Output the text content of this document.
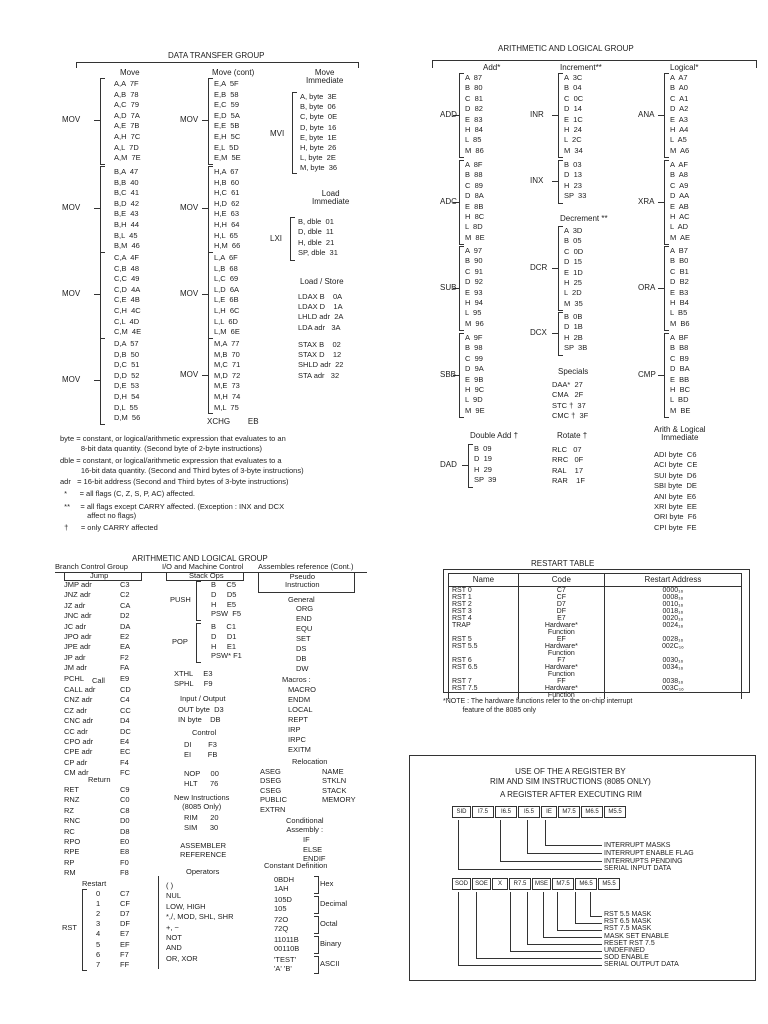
DATA TRANSFER GROUP
Move	Move (cont)	Move
Immediate
MVI
Load
Immediate
LXI
Load / Store
XCHG        EB
ARITHMETIC AND LOGICAL GROUP
Add*	Increment**	Logical*
Decrement **
Specials
Double Add †	Rotate †
Arith & Logical
Immediate
ARITHMETIC AND LOGICAL GROUP
Branch Control Group	I/O and Machine Control Assembles reference (Cont.)
Jump	Stack Ops	Pseudo
Instruction
RESTART TABLE
Name	Code	Restart Address
RST 0	C7	0000₁₆
RST 1	CF	0008₁₆
RST 2	D7	0010₁₆
RST 3	DF	0018₁₆
RST 4	E7	0020₁₆
TRAP	Hardware*
Function	0024₁₆
RST 5	EF	0028₁₆
RST 5.5	Hardware*
Function	002C₁₆
RST 6	F7	0030₁₆
RST 6.5	Hardware*
Function	0034₁₆
RST 7	FF	0038₁₆
RST 7.5	Hardware*
Function	003C₁₆
*NOTE : The hardware functions refer to the on-chip interrupt
feature of the 8085 only
USE OF THE A REGISTER BY
RIM AND SIM INSTRUCTIONS (8085 ONLY)
A REGISTER AFTER EXECUTING RIM
MOV
A,A  7F
A,B  78
A,C  79
A,D  7A
A,E  7B
A,H  7C
A,L  7D
A,M  7E
MOV
E,A  5F
E,B  58
E,C  59
E,D  5A
E,E  5B
E,H  5C
E,L  5D
E,M  5E
MOV
B,A  47
B,B  40
B,C  41
B,D  42
B,E  43
B,H  44
B,L  45
B,M  46
MOV
H,A  67
H,B  60
H,C  61
H,D  62
H,E  63
H,H  64
H,L  65
H,M  66
MOV
C,A  4F
C,B  48
C,C  49
C,D  4A
C,E  4B
C,H  4C
C,L  4D
C,M  4E
MOV
L,A  6F
L,B  68
L,C  69
L,D  6A
L,E  6B
L,H  6C
L,L  6D
L,M  6E
MOV
D,A  57
D,B  50
D,C  51
D,D  52
D,E  53
D,H  54
D,L  55
D,M  56
MOV
M,A  77
M,B  70
M,C  71
M,D  72
M,E  73
M,H  74
M,L  75
A, byte  3E
B, byte  06
C, byte  0E
D, byte  16
E, byte  1E
H, byte  26
L, byte  2E
M, byte  36
B, dble  01
D, dble  11
H, dble  21
SP, dble  31
LDAX B    0A
LDAX D    1A
LHLD adr  2A
LDA adr   3A
STAX B    02
STAX D    12
SHLD adr  22
STA adr   32
byte = constant, or logical/arithmetic expression that evaluates to an
8-bit data quantity. (Second byte of 2-byte instructions)
dble = constant, or logical/arithmetic expression that evaluates to a
16-bit data quantity. (Second and Third bytes of 3-byte instructions)
adr   = 16-bit address (Second and Third bytes of 3-byte instructions)
*      = all flags (C, Z, S, P, AC) affected.
**     = all flags except CARRY affected. (Exception : INX and DCX
affect no flags)
†      = only CARRY affected
ADD
A  87
B  80
C  81
D  82
E  83
H  84
L  85
M  86
ADC
A  8F
B  88
C  89
D  8A
E  8B
H  8C
L  8D
M  8E
SUB
A  97
B  90
C  91
D  92
E  93
H  94
L  95
M  96
SBB
A  9F
B  98
C  99
D  9A
E  9B
H  9C
L  9D
M  9E
INR
A  3C
B  04
C  0C
D  14
E  1C
H  24
L  2C
M  34
INX
B  03
D  13
H  23
SP  33
DCR
A  3D
B  05
C  0D
D  15
E  1D
H  25
L  2D
M  35
DCX
B  0B
D  1B
H  2B
SP  3B
ANA
A  A7
B  A0
C  A1
D  A2
E  A3
H  A4
L  A5
M  A6
XRA
A  AF
B  A8
C  A9
D  AA
E  AB
H  AC
L  AD
M  AE
ORA
A  B7
B  B0
C  B1
D  B2
E  B3
H  B4
L  B5
M  B6
CMP
A  BF
B  B8
C  B9
D  BA
E  BB
H  BC
L  BD
M  BE
DAD
B  09
D  19
H  29
SP  39
DAA*  27
CMA   2F
STC †  37
CMC †  3F
RLC   07
RRC   0F
RAL    17
RAR    1F
ADI byte  C6
ACI byte  CE
SUI byte  D6
SBI byte  DE
ANI byte  E6
XRI byte  EE
ORI byte  F6
CPI byte  FE
JMP adr	C3
JNZ adr	C2
JZ adr	CA
JNC adr	D2
JC adr	DA
JPO adr	E2
JPE adr	EA
JP adr	F2
JM adr	FA
PCHL	E9
Call
CALL adr	CD
CNZ adr	C4
CZ adr	CC
CNC adr	D4
CC adr	DC
CPO adr	E4
CPE adr	EC
CP adr	F4
CM adr	FC
Return
RET	C9
RNZ	C0
RZ	C8
RNC	D0
RC	D8
RPO	E0
RPE	E8
RP	F0
RM	F8
Restart
RST
0	C7
1	CF
2	D7
3	DF
4	E7
5	EF
6	F7
7	FF
PUSH
B     C5
D     D5
H     E5
PSW  F5
POP
B     C1
D     D1
H     E1
PSW* F1
XTHL     E3
SPHL     F9
Input / Output
OUT byte  D3
IN byte    DB
Control
DI        F3
EI        FB
NOP     00
HLT      76
New Instructions
(8085 Only)
RIM      20
SIM      30
ASSEMBLER
REFERENCE
Operators
( )
NUL
LOW, HIGH
*,/, MOD, SHL, SHR
+, −
NOT
AND
OR, XOR
General
ORG
END
EQU
SET
DS
DB
DW
Macros :
MACRO
ENDM
LOCAL
REPT
IRP
IRPC
EXITM
Relocation
ASEG	NAME
DSEG	STKLN
CSEG	STACK
PUBLIC	MEMORY
EXTRN
Conditional
Assembly :
IF
ELSE
ENDIF
Constant Definition
0BDH
1AH
Hex
105D
105
Decimal
72O
72Q
Octal
11011B
00110B
Binary
'TEST'
'A' 'B'
ASCII
SID	I7.5	I6.5	I5.5	IE	M7.5	M6.5	M5.5
SOD	SOE	X	R7.5	MSE	M7.5	M6.5	M5.5
INTERRUPT MASKS
INTERRUPT ENABLE FLAG
INTERRUPTS PENDING
SERIAL INPUT DATA
RST 5.5 MASK
RST 6.5 MASK
RST 7.5 MASK
MASK SET ENABLE
RESET RST 7.5
UNDEFINED
SOD ENABLE
SERIAL OUTPUT DATA
